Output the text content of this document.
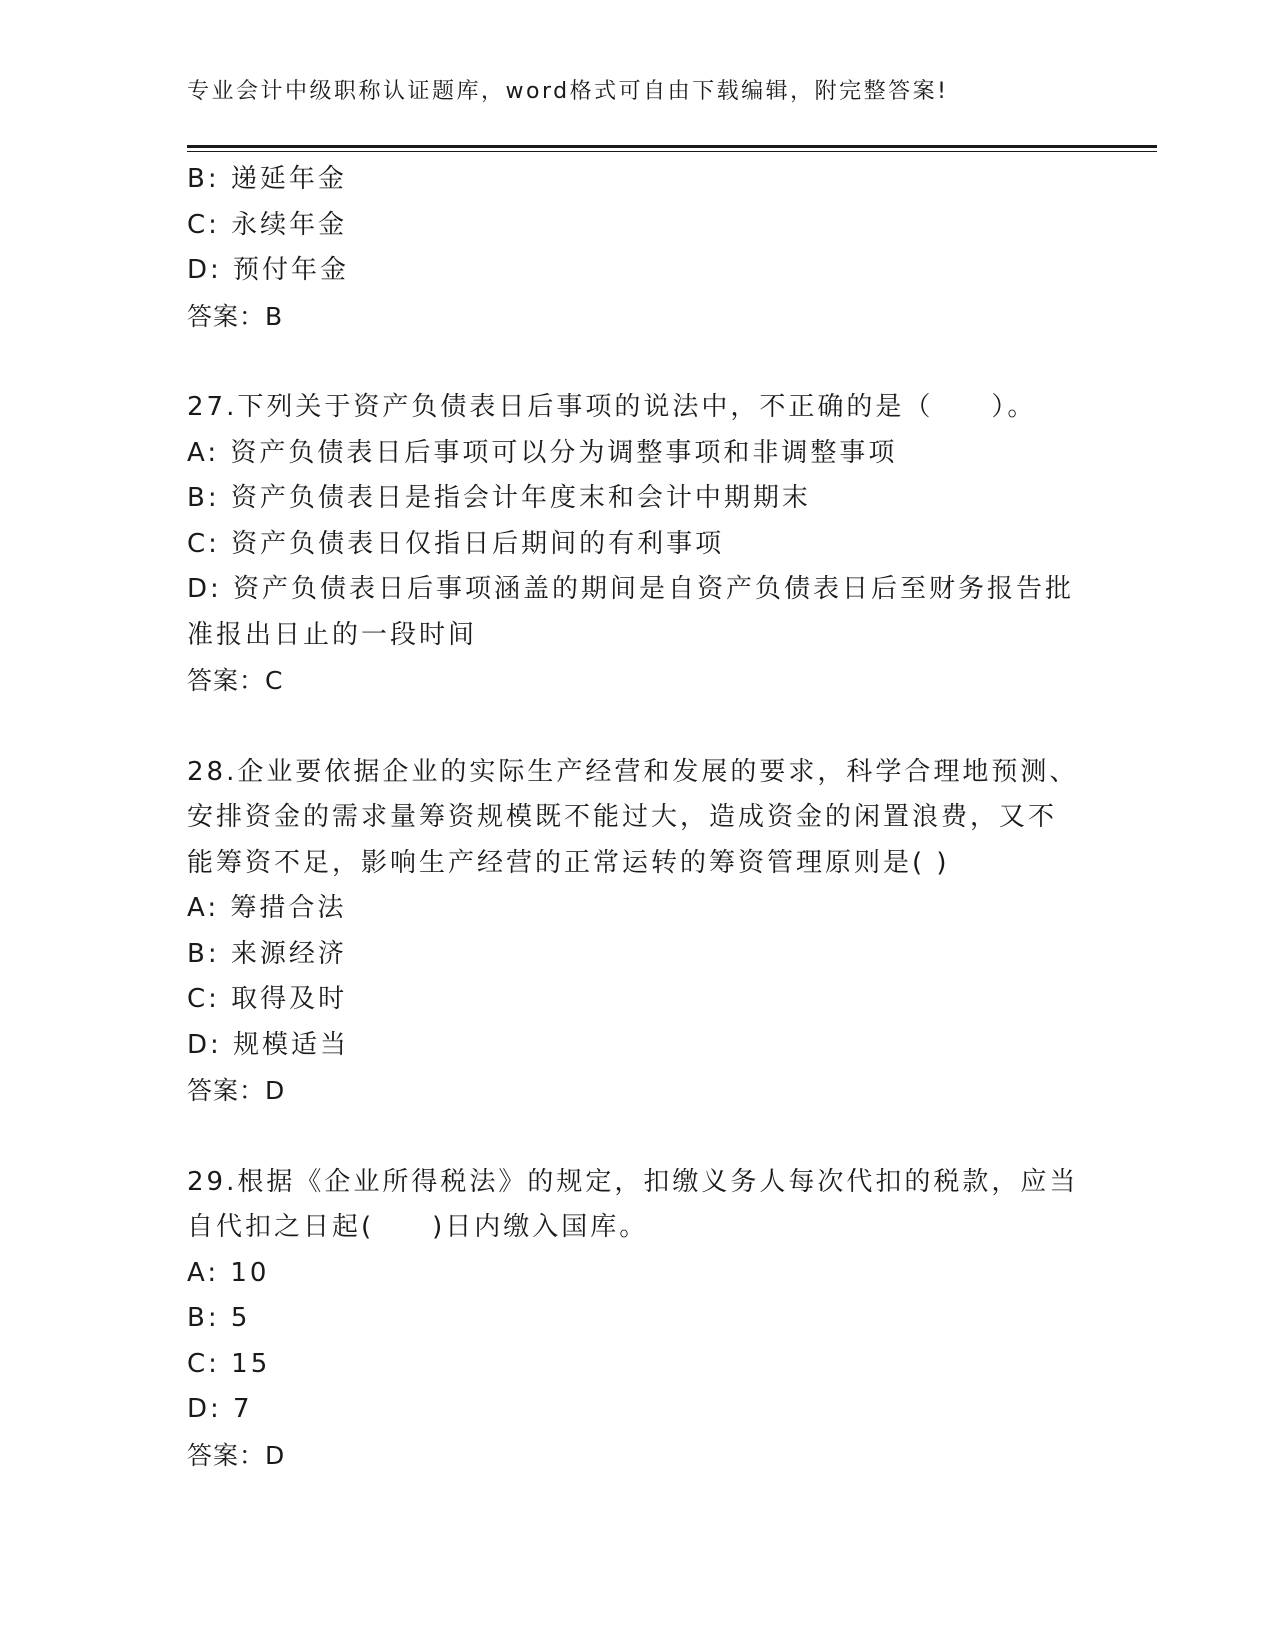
专业会计中级职称认证题库，word格式可自由下载编辑，附完整答案!
B: 递延年金
C: 永续年金
D: 预付年金
答案：B
27.下列关于资产负债表日后事项的说法中，不正确的是（　　）。
A: 资产负债表日后事项可以分为调整事项和非调整事项
B: 资产负债表日是指会计年度末和会计中期期末
C: 资产负债表日仅指日后期间的有利事项
D: 资产负债表日后事项涵盖的期间是自资产负债表日后至财务报告批
准报出日止的一段时间
答案：C
28.企业要依据企业的实际生产经营和发展的要求，科学合理地预测、
安排资金的需求量筹资规模既不能过大，造成资金的闲置浪费，又不
能筹资不足，影响生产经营的正常运转的筹资管理原则是( )
A: 筹措合法
B: 来源经济
C: 取得及时
D: 规模适当
答案：D
29.根据《企业所得税法》的规定，扣缴义务人每次代扣的税款，应当
自代扣之日起(　　)日内缴入国库。
A: 10
B: 5
C: 15
D: 7
答案：D
